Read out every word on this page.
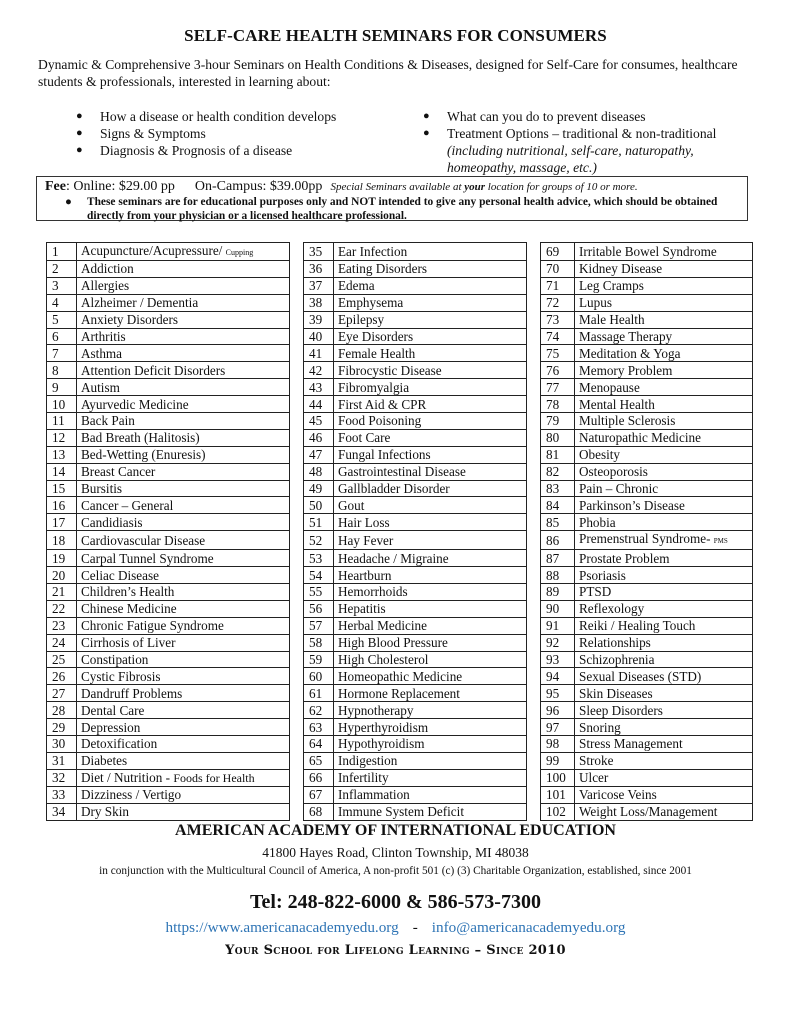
SELF-CARE HEALTH SEMINARS FOR CONSUMERS
Dynamic & Comprehensive 3-hour Seminars on Health Conditions & Diseases, designed for Self-Care for consumes, healthcare students & professionals, interested in learning about:
●	How a disease or health condition develops
●	Signs & Symptoms
●	Diagnosis & Prognosis of a disease
●	What can you do to prevent diseases
●	Treatment Options – traditional & non-traditional
(including nutritional, self-care, naturopathy, homeopathy, massage, etc.)
Fee: Online: $29.00 pp On-Campus: $39.00pp Special Seminars available at your location for groups of 10 or more.
●	These seminars are for educational purposes only and NOT intended to give any personal health advice, which should be obtained directly from your physician or a licensed healthcare professional.
1	Acupuncture/Acupressure/ Cupping		35	Ear Infection		69	Irritable Bowel Syndrome
2	Addiction		36	Eating Disorders		70	Kidney Disease
3	Allergies		37	Edema		71	Leg Cramps
4	Alzheimer / Dementia		38	Emphysema		72	Lupus
5	Anxiety Disorders		39	Epilepsy		73	Male Health
6	Arthritis		40	Eye Disorders		74	Massage Therapy
7	Asthma		41	Female Health		75	Meditation & Yoga
8	Attention Deficit Disorders		42	Fibrocystic Disease		76	Memory Problem
9	Autism		43	Fibromyalgia		77	Menopause
10	Ayurvedic Medicine		44	First Aid & CPR		78	Mental Health
11	Back Pain		45	Food Poisoning		79	Multiple Sclerosis
12	Bad Breath (Halitosis)		46	Foot Care		80	Naturopathic Medicine
13	Bed-Wetting (Enuresis)		47	Fungal Infections		81	Obesity
14	Breast Cancer		48	Gastrointestinal Disease		82	Osteoporosis
15	Bursitis		49	Gallbladder Disorder		83	Pain – Chronic
16	Cancer – General		50	Gout		84	Parkinson’s Disease
17	Candidiasis		51	Hair Loss		85	Phobia
18	Cardiovascular Disease		52	Hay Fever		86	Premenstrual Syndrome- PMS
19	Carpal Tunnel Syndrome		53	Headache / Migraine		87	Prostate Problem
20	Celiac Disease		54	Heartburn		88	Psoriasis
21	Children’s Health		55	Hemorrhoids		89	PTSD
22	Chinese Medicine		56	Hepatitis		90	Reflexology
23	Chronic Fatigue Syndrome		57	Herbal Medicine		91	Reiki / Healing Touch
24	Cirrhosis of Liver		58	High Blood Pressure		92	Relationships
25	Constipation		59	High Cholesterol		93	Schizophrenia
26	Cystic Fibrosis		60	Homeopathic Medicine		94	Sexual Diseases (STD)
27	Dandruff Problems		61	Hormone Replacement		95	Skin Diseases
28	Dental Care		62	Hypnotherapy		96	Sleep Disorders
29	Depression		63	Hyperthyroidism		97	Snoring
30	Detoxification		64	Hypothyroidism		98	Stress Management
31	Diabetes		65	Indigestion		99	Stroke
32	Diet / Nutrition - Foods for Health		66	Infertility		100	Ulcer
33	Dizziness / Vertigo		67	Inflammation		101	Varicose Veins
34	Dry Skin		68	Immune System Deficit		102	Weight Loss/Management
AMERICAN ACADEMY OF INTERNATIONAL EDUCATION
41800 Hayes Road, Clinton Township, MI 48038
in conjunction with the Multicultural Council of America, A non-profit 501 (c) (3) Charitable Organization, established, since 2001
Tel: 248-822-6000 & 586-573-7300
https://www.americanacademyedu.org - info@americanacademyedu.org
Your School for Lifelong Learning – Since 2010
